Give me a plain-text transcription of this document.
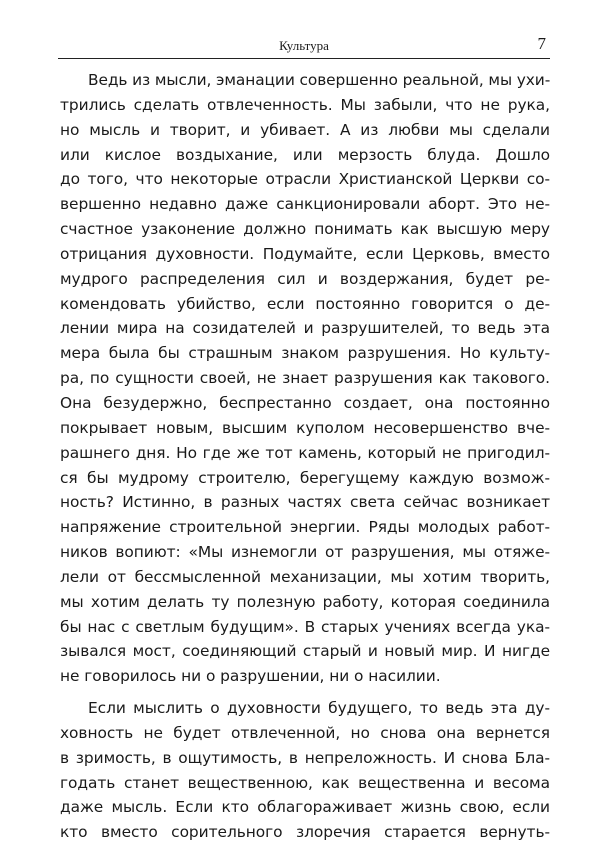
Культура	7
Ведь из мысли, эманации совершенно реальной, мы ухи-
трились сделать отвлеченность. Мы забыли, что не рука,
но мысль и творит, и убивает. А из любви мы сделали
или кислое воздыхание, или мерзость блуда. Дошло
до того, что некоторые отрасли Христианской Церкви со-
вершенно недавно даже санкционировали аборт. Это не-
счастное узаконение должно понимать как высшую меру
отрицания духовности. Подумайте, если Церковь, вместо
мудрого распределения сил и воздержания, будет ре-
комендовать убийство, если постоянно говорится о де-
лении мира на созидателей и разрушителей, то ведь эта
мера была бы страшным знаком разрушения. Но культу-
ра, по сущности своей, не знает разрушения как такового.
Она безудержно, беспрестанно создает, она постоянно
покрывает новым, высшим куполом несовершенство вче-
рашнего дня. Но где же тот камень, который не пригодил-
ся бы мудрому строителю, берегущему каждую возмож-
ность? Истинно, в разных частях света сейчас возникает
напряжение строительной энергии. Ряды молодых работ-
ников вопиют: «Мы изнемогли от разрушения, мы отяже-
лели от бессмысленной механизации, мы хотим творить,
мы хотим делать ту полезную работу, которая соединила
бы нас с светлым будущим». В старых учениях всегда ука-
зывался мост, соединяющий старый и новый мир. И нигде
не говорилось ни о разрушении, ни о насилии.
Если мыслить о духовности будущего, то ведь эта ду-
ховность не будет отвлеченной, но снова она вернется
в зримость, в ощутимость, в непреложность. И снова Бла-
годать станет вещественною, как вещественна и весома
даже мысль. Если кто облагораживает жизнь свою, если
кто вместо сорительного злоречия старается вернуть-
